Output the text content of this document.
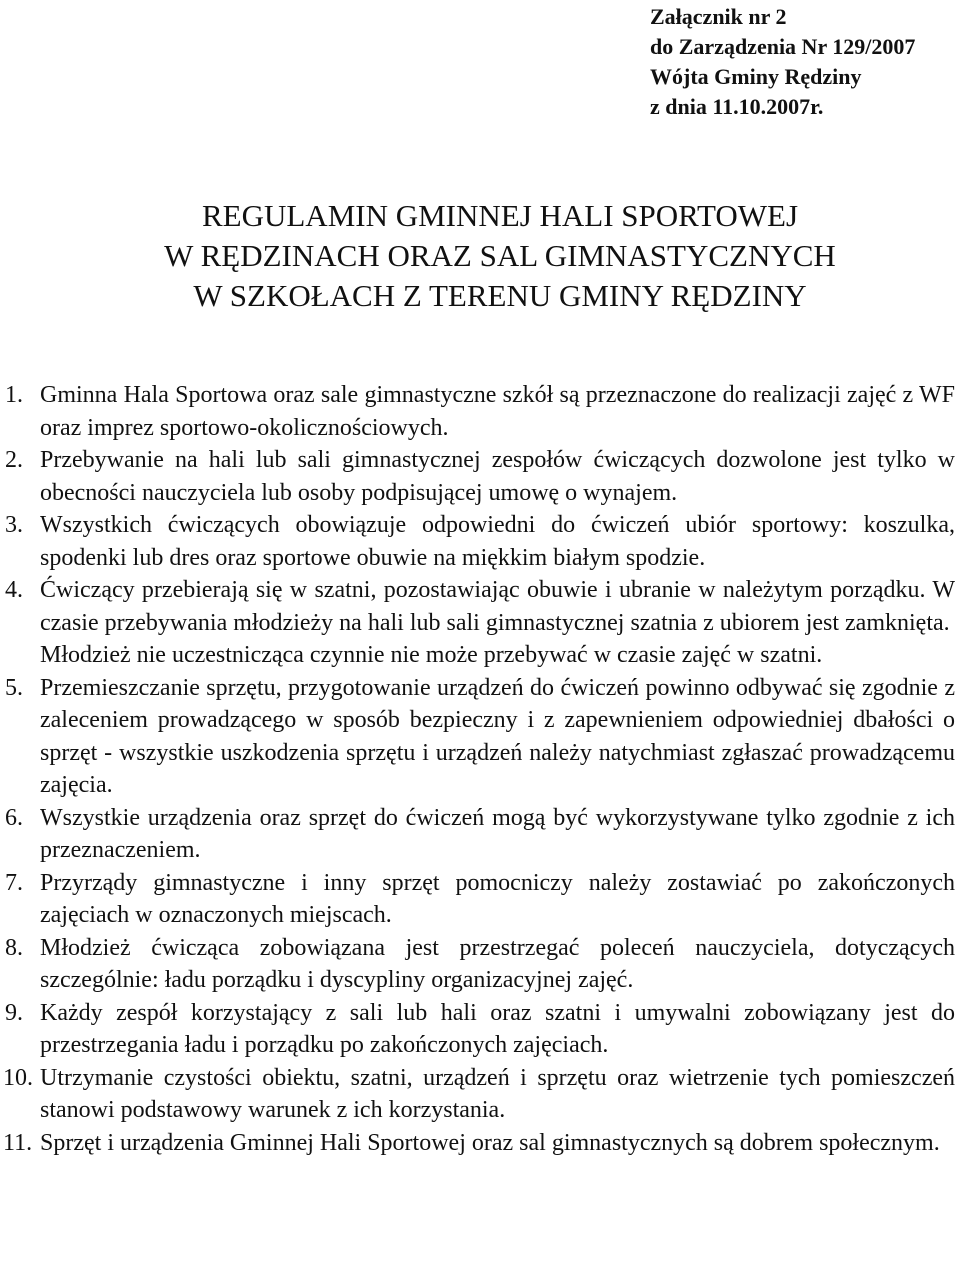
Załącznik nr 2
do Zarządzenia Nr 129/2007
Wójta Gminy Rędziny
z dnia 11.10.2007r.
REGULAMIN GMINNEJ HALI SPORTOWEJ
W RĘDZINACH ORAZ SAL GIMNASTYCZNYCH
W SZKOŁACH Z TERENU GMINY RĘDZINY
1. Gminna Hala Sportowa oraz sale gimnastyczne szkół są przeznaczone do realizacji zajęć z WF oraz imprez sportowo-okolicznościowych.
2. Przebywanie na hali lub sali gimnastycznej zespołów ćwiczących dozwolone jest tylko w obecności nauczyciela lub osoby podpisującej umowę o wynajem.
3. Wszystkich ćwiczących obowiązuje odpowiedni do ćwiczeń ubiór sportowy: koszulka, spodenki lub dres oraz sportowe obuwie na miękkim białym spodzie.
4. Ćwiczący przebierają się w szatni, pozostawiając obuwie i ubranie w należytym porządku. W czasie przebywania młodzieży na hali lub sali gimnastycznej szatnia z ubiorem jest zamknięta.
Młodzież nie uczestnicząca czynnie nie może przebywać w czasie zajęć w szatni.
5. Przemieszczanie sprzętu, przygotowanie urządzeń do ćwiczeń powinno odbywać się zgodnie z zaleceniem prowadzącego w sposób bezpieczny i z zapewnieniem odpowiedniej dbałości o sprzęt - wszystkie uszkodzenia sprzętu i urządzeń należy natychmiast zgłaszać prowadzącemu zajęcia.
6. Wszystkie urządzenia oraz sprzęt do ćwiczeń mogą być wykorzystywane tylko zgodnie z ich przeznaczeniem.
7. Przyrządy gimnastyczne i inny sprzęt pomocniczy należy zostawiać po zakończonych zajęciach w oznaczonych miejscach.
8. Młodzież ćwicząca zobowiązana jest przestrzegać poleceń nauczyciela, dotyczących szczególnie: ładu porządku i dyscypliny organizacyjnej zajęć.
9. Każdy zespół korzystający z sali lub hali oraz szatni i umywalni zobowiązany jest do przestrzegania ładu i porządku po zakończonych zajęciach.
10. Utrzymanie czystości obiektu, szatni, urządzeń i sprzętu oraz wietrzenie tych pomieszczeń stanowi podstawowy warunek z ich korzystania.
11. Sprzęt i urządzenia Gminnej Hali Sportowej oraz sal gimnastycznych są dobrem społecznym.
